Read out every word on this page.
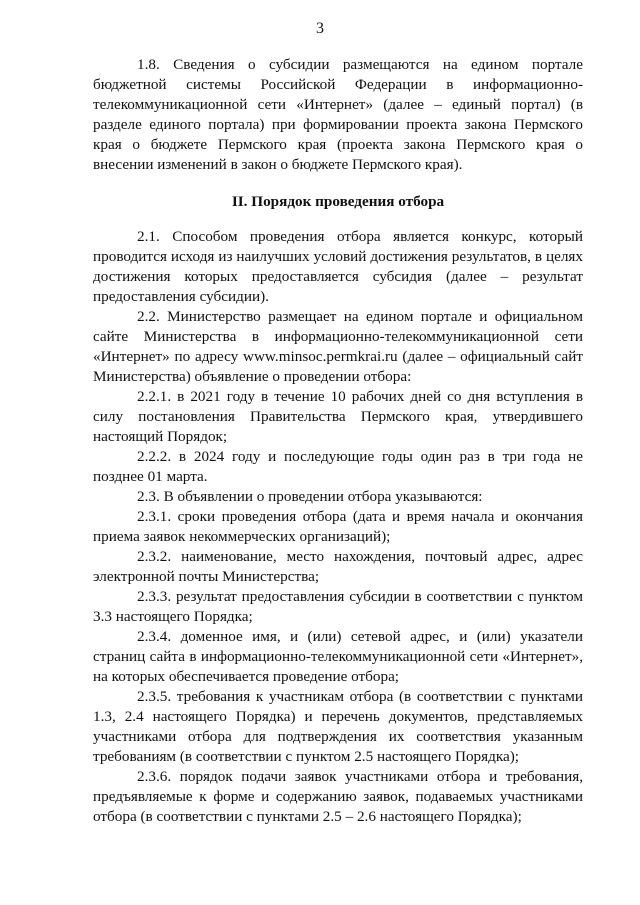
3

1.8. Сведения о субсидии размещаются на едином портале бюджетной системы Российской Федерации в информационно-телекоммуникационной сети «Интернет» (далее – единый портал) (в разделе единого портала) при формировании проекта закона Пермского края о бюджете Пермского края (проекта закона Пермского края о внесении изменений в закон о бюджете Пермского края).

II. Порядок проведения отбора

2.1. Способом проведения отбора является конкурс, который проводится исходя из наилучших условий достижения результатов, в целях достижения которых предоставляется субсидия (далее – результат предоставления субсидии).

2.2. Министерство размещает на едином портале и официальном сайте Министерства в информационно-телекоммуникационной сети «Интернет» по адресу www.minsoc.permkrai.ru (далее – официальный сайт Министерства) объявление о проведении отбора:

2.2.1. в 2021 году в течение 10 рабочих дней со дня вступления в силу постановления Правительства Пермского края, утвердившего настоящий Порядок;

2.2.2. в 2024 году и последующие годы один раз в три года не позднее 01 марта.

2.3. В объявлении о проведении отбора указываются:

2.3.1. сроки проведения отбора (дата и время начала и окончания приема заявок некоммерческих организаций);

2.3.2. наименование, место нахождения, почтовый адрес, адрес электронной почты Министерства;

2.3.3. результат предоставления субсидии в соответствии с пунктом 3.3 настоящего Порядка;

2.3.4. доменное имя, и (или) сетевой адрес, и (или) указатели страниц сайта в информационно-телекоммуникационной сети «Интернет», на которых обеспечивается проведение отбора;

2.3.5. требования к участникам отбора (в соответствии с пунктами 1.3, 2.4 настоящего Порядка) и перечень документов, представляемых участниками отбора для подтверждения их соответствия указанным требованиям (в соответствии с пунктом 2.5 настоящего Порядка);

2.3.6. порядок подачи заявок участниками отбора и требования, предъявляемые к форме и содержанию заявок, подаваемых участниками отбора (в соответствии с пунктами 2.5 – 2.6 настоящего Порядка);
